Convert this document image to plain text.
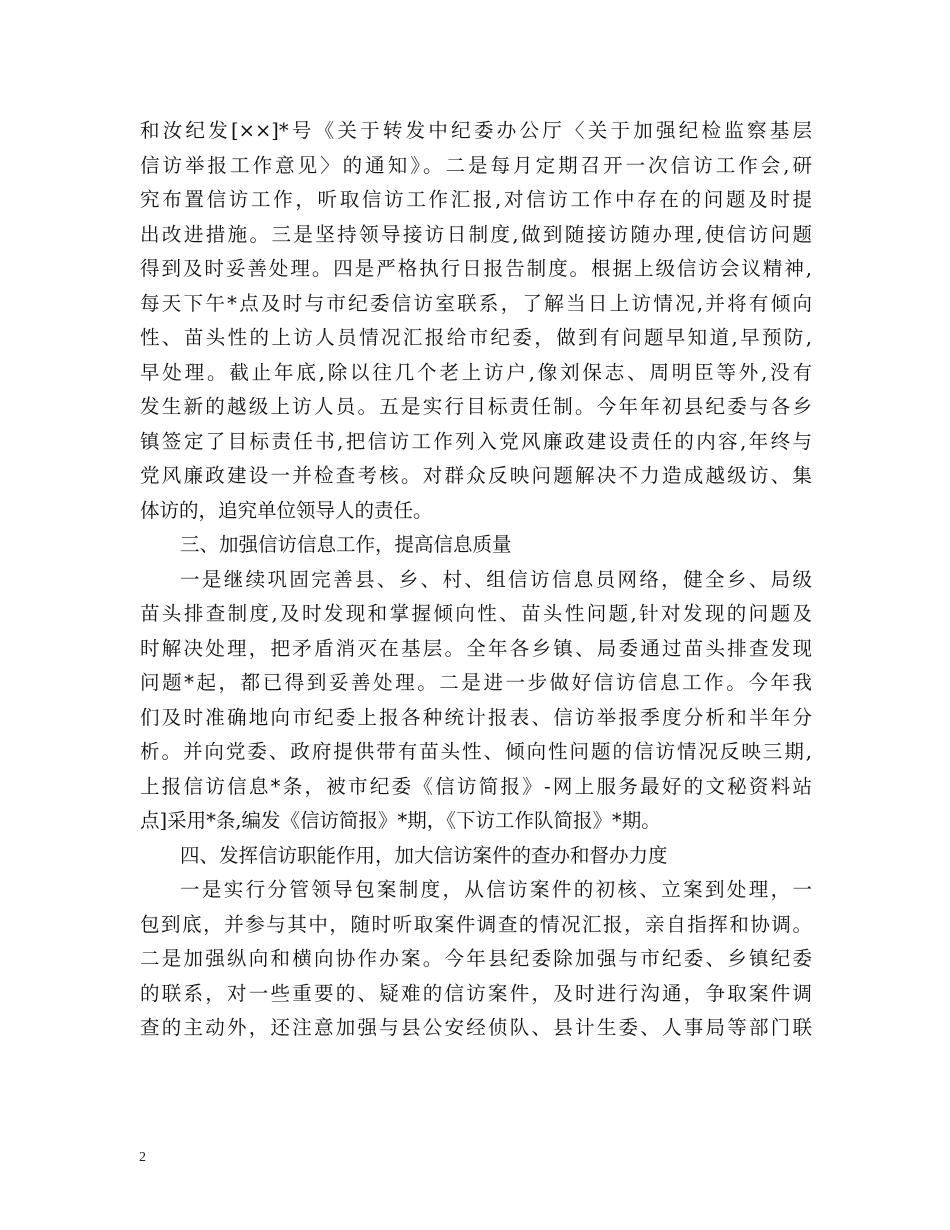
和汝纪发[××]*号《关于转发中纪委办公厅〈关于加强纪检监察基层
信访举报工作意见〉的通知》。二是每月定期召开一次信访工作会,研
究布置信访工作，听取信访工作汇报,对信访工作中存在的问题及时提
出改进措施。三是坚持领导接访日制度,做到随接访随办理,使信访问题
得到及时妥善处理。四是严格执行日报告制度。根据上级信访会议精神,
每天下午*点及时与市纪委信访室联系，了解当日上访情况,并将有倾向
性、苗头性的上访人员情况汇报给市纪委，做到有问题早知道,早预防,
早处理。截止年底,除以往几个老上访户,像刘保志、周明臣等外,没有
发生新的越级上访人员。五是实行目标责任制。今年年初县纪委与各乡
镇签定了目标责任书,把信访工作列入党风廉政建设责任的内容,年终与
党风廉政建设一并检查考核。对群众反映问题解决不力造成越级访、集
体访的，追究单位领导人的责任。
三、加强信访信息工作，提高信息质量
一是继续巩固完善县、乡、村、组信访信息员网络，健全乡、局级
苗头排查制度,及时发现和掌握倾向性、苗头性问题,针对发现的问题及
时解决处理，把矛盾消灭在基层。全年各乡镇、局委通过苗头排查发现
问题*起，都已得到妥善处理。二是进一步做好信访信息工作。今年我
们及时准确地向市纪委上报各种统计报表、信访举报季度分析和半年分
析。并向党委、政府提供带有苗头性、倾向性问题的信访情况反映三期,
上报信访信息*条，被市纪委《信访简报》-网上服务最好的文秘资料站
点]采用*条,编发《信访简报》*期，《下访工作队简报》*期。
四、发挥信访职能作用，加大信访案件的查办和督办力度
一是实行分管领导包案制度，从信访案件的初核、立案到处理，一
包到底，并参与其中，随时听取案件调查的情况汇报，亲自指挥和协调。
二是加强纵向和横向协作办案。今年县纪委除加强与市纪委、乡镇纪委
的联系，对一些重要的、疑难的信访案件，及时进行沟通，争取案件调
查的主动外，还注意加强与县公安经侦队、县计生委、人事局等部门联
2
